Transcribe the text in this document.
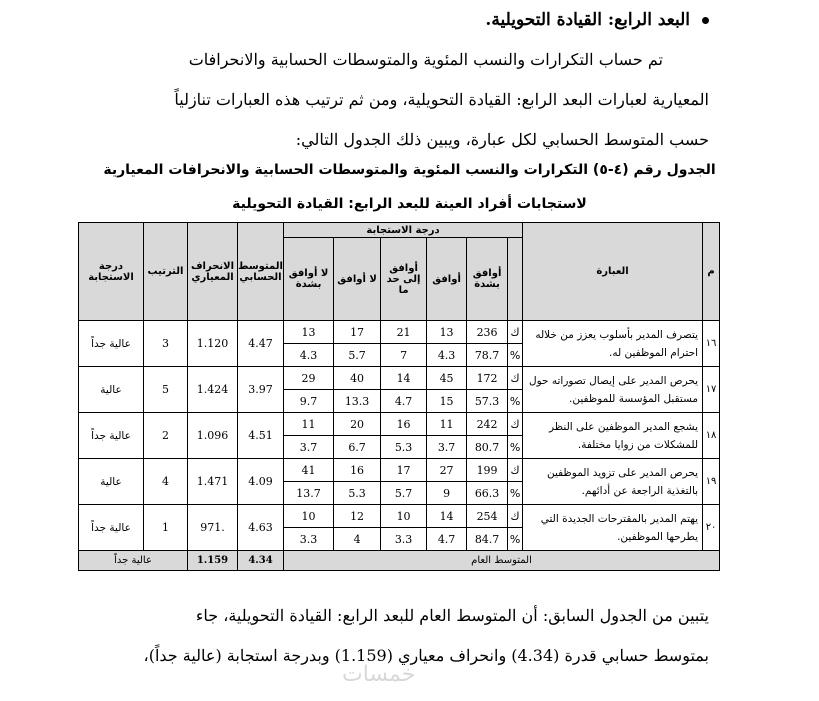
البعد الرابع: القيادة التحويلية.
تم حساب التكرارات والنسب المئوية والمتوسطات الحسابية والانحرافات
المعيارية لعبارات البعد الرابع: القيادة التحويلية، ومن ثم ترتيب هذه العبارات تنازلياً
حسب المتوسط الحسابي لكل عبارة، ويبين ذلك الجدول التالي:
الجدول رقم (٤-٥) التكرارات والنسب المئوية والمتوسطات الحسابية والانحرافات المعيارية
لاستجابات أفراد العينة للبعد الرابع: القيادة التحويلية
م	العبارة	درجة الاستجابة						المتوسط الحسابي	الانحراف المعياري	الترتيب	درجة الاستجابة
			أوافق بشدة	أوافق	أوافق إلى حد ما	لا أوافق	لا أوافق بشدة				
١٦	يتصرف المدير بأسلوب يعزز من خلاله احترام الموظفين له.	ك	236	13	21	17	13	4.47	1.120	3	عالية جداً
		%	78.7	4.3	7	5.7	4.3				
١٧	يحرص المدير على إيصال تصوراته حول مستقبل المؤسسة للموظفين.	ك	172	45	14	40	29	3.97	1.424	5	عالية
		%	57.3	15	4.7	13.3	9.7				
١٨	يشجع المدير الموظفين على النظر للمشكلات من زوايا مختلفة.	ك	242	11	16	20	11	4.51	1.096	2	عالية جداً
		%	80.7	3.7	5.3	6.7	3.7				
١٩	يحرص المدير على تزويد الموظفين بالتغذية الراجعة عن أدائهم.	ك	199	27	17	16	41	4.09	1.471	4	عالية
		%	66.3	9	5.7	5.3	13.7				
٢٠	يهتم المدير بالمقترحات الجديدة التي يطرحها الموظفين.	ك	254	14	10	12	10	4.63	.971	1	عالية جداً
		%	84.7	4.7	3.3	4	3.3				
المتوسط العام								4.34	1.159	عالية جداً	
يتبين من الجدول السابق: أن المتوسط العام للبعد الرابع: القيادة التحويلية، جاء
بمتوسط حسابي قدرة (4.34) وانحراف معياري (1.159) وبدرجة استجابة (عالية جداً)،
خمسات
